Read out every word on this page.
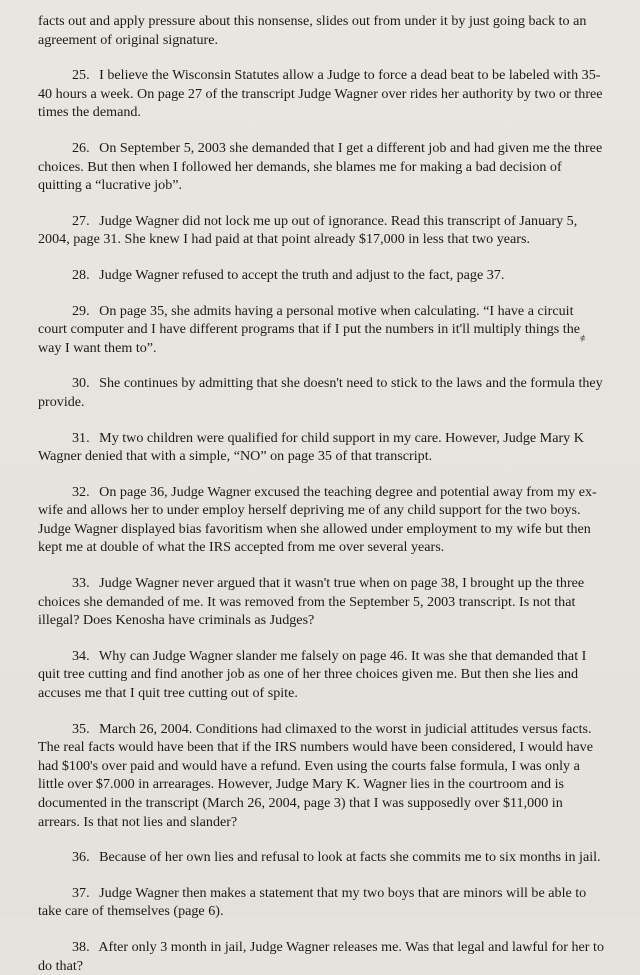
facts out and apply pressure about this nonsense, slides out from under it by just going back to an agreement of original signature.

25. I believe the Wisconsin Statutes allow a Judge to force a dead beat to be labeled with 35-40 hours a week. On page 27 of the transcript Judge Wagner over rides her authority by two or three times the demand.

26. On September 5, 2003 she demanded that I get a different job and had given me the three choices. But then when I followed her demands, she blames me for making a bad decision of quitting a “lucrative job”.

27. Judge Wagner did not lock me up out of ignorance. Read this transcript of January 5, 2004, page 31. She knew I had paid at that point already $17,000 in less that two years.

28. Judge Wagner refused to accept the truth and adjust to the fact, page 37.

29. On page 35, she admits having a personal motive when calculating. “I have a circuit court computer and I have different programs that if I put the numbers in it'll multiply things the way I want them to”.

30. She continues by admitting that she doesn't need to stick to the laws and the formula they provide.

31. My two children were qualified for child support in my care. However, Judge Mary K Wagner denied that with a simple, “NO” on page 35 of that transcript.

32. On page 36, Judge Wagner excused the teaching degree and potential away from my ex-wife and allows her to under employ herself depriving me of any child support for the two boys. Judge Wagner displayed bias favoritism when she allowed under employment to my wife but then kept me at double of what the IRS accepted from me over several years.

33. Judge Wagner never argued that it wasn't true when on page 38, I brought up the three choices she demanded of me. It was removed from the September 5, 2003 transcript. Is not that illegal? Does Kenosha have criminals as Judges?

34. Why can Judge Wagner slander me falsely on page 46. It was she that demanded that I quit tree cutting and find another job as one of her three choices given me. But then she lies and accuses me that I quit tree cutting out of spite.

35. March 26, 2004. Conditions had climaxed to the worst in judicial attitudes versus facts. The real facts would have been that if the IRS numbers would have been considered, I would have had $100's over paid and would have a refund. Even using the courts false formula, I was only a little over $7.000 in arrearages. However, Judge Mary K. Wagner lies in the courtroom and is documented in the transcript (March 26, 2004, page 3) that I was supposedly over $11,000 in arrears. Is that not lies and slander?

36. Because of her own lies and refusal to look at facts she commits me to six months in jail.

37. Judge Wagner then makes a statement that my two boys that are minors will be able to take care of themselves (page 6).

38. After only 3 month in jail, Judge Wagner releases me. Was that legal and lawful for her to do that?

≢
